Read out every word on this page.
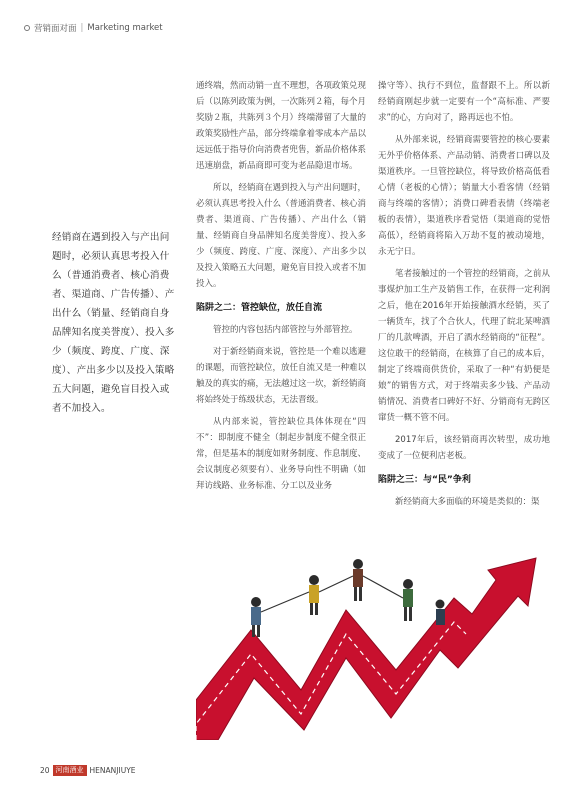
营销面对面 | Marketing market
经销商在遇到投入与产出问题时，必须认真思考投入什么（普通消费者、核心消费者、渠道商、广告传播）、产出什么（销量、经销商自身品牌知名度美誉度）、投入多少（频度、跨度、广度、深度）、产出多少以及投入策略五大问题，避免盲目投入或者不加投入。

通终端，然而动销一直不理想，各项政策兑现后（以陈列政策为例，一次陈列２箱，每个月奖励２瓶，共陈列３个月）终端滞留了大量的政策奖励性产品，部分终端拿着零成本产品以远远低于指导价向消费者兜售，新品价格体系迅速崩盘，新品商即可变为老品隐退市场。

所以，经销商在遇到投入与产出问题时，必须认真思考投入什么（普通消费者、核心消费者、渠道商、广告传播）、产出什么（销量、经销商自身品牌知名度美誉度）、投入多少（频度、跨度、广度、深度）、产出多少以及投入策略五大问题，避免盲目投入或者不加投入。

陷阱之二：管控缺位，放任自流

管控的内容包括内部管控与外部管控。

对于新经销商来说，管控是一个难以逃避的课题，而管控缺位，放任自流又是一种难以触及的真实的痛，无法越过这一坎，新经销商将始终处于练级状态，无法晋级。

从内部来说，管控缺位具体体现在“四不”：即制度不健全（制起步制度不健全很正常，但是基本的制度如财务制度、作息制度、会议制度必须要有）、业务导向性不明确（如拜访线路、业务标准、分工以及业务

操守等）、执行不到位，监督跟不上。所以新经销商刚起步就一定要有一个“高标准、严要求”的心，方向对了，路再远也不怕。

从外部来说，经销商需要管控的核心要素无外乎价格体系、产品动销、消费者口碑以及渠道秩序。一旦管控缺位，将导致价格高低看心情（老板的心情）；销量大小看客情（经销商与终端的客情）；消费口碑看表情（终端老板的表情），渠道秩序看觉悟（渠道商的觉悟高低），经销商将陷入万劫不复的被动境地，永无宁日。

笔者接触过的一个管控的经销商，之前从事煤炉加工生产及销售工作，在获得一定利润之后，他在2016年开始接触酒水经销，买了一辆货车，找了个合伙人，代理了皖北某啤酒厂的几款啤酒，开启了酒水经销商的“征程”。这位敢干的经销商，在核算了自己的成本后，制定了终端商供货价，采取了一种“有奶便是娘”的销售方式，对于终端卖多少钱、产品动销情况、消费者口碑好不好、分销商有无跨区窜货一概不管不问。

2017年后，该经销商再次转型，成功地变成了一位便利店老板。

陷阱之三：与“民”争利

新经销商大多面临的环境是类似的：渠

20 河南酒业 HENANJIUYE
